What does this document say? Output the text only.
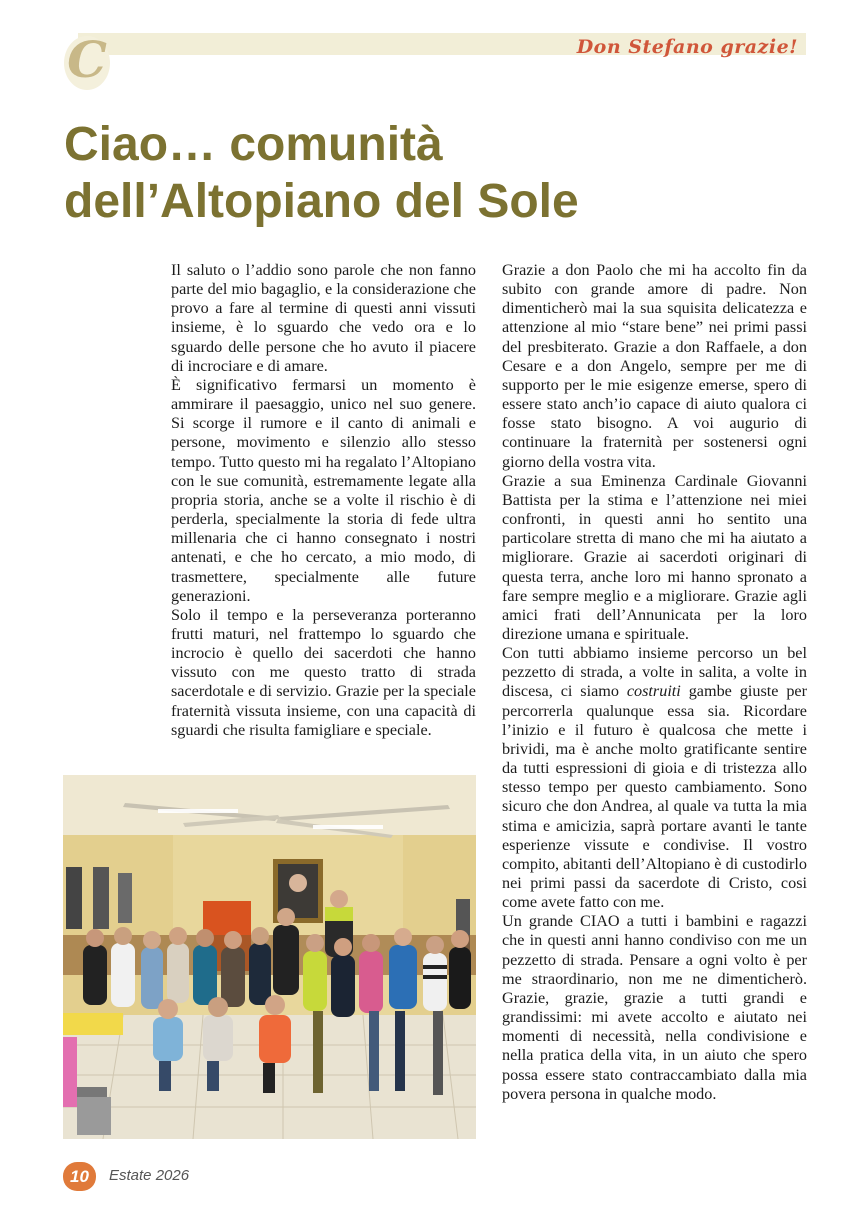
C	Don Stefano grazie!
Ciao… comunità
dell’Altopiano del Sole

Il saluto o l’addio sono parole che non fanno parte del mio bagaglio, e la considerazione che provo a fare al termine di questi anni vissuti insieme, è lo sguardo che vedo ora e lo sguardo delle persone che ho avuto il piacere di incrociare e di amare.

È significativo fermarsi un momento è ammirare il paesaggio, unico nel suo genere. Si scorge il rumore e il canto di animali e persone, movimento e silenzio allo stesso tempo. Tutto questo mi ha regalato l’Altopiano con le sue comunità, estremamente legate alla propria storia, anche se a volte il rischio è di perderla, specialmente la storia di fede ultra millenaria che ci hanno consegnato i nostri antenati, e che ho cercato, a mio modo, di trasmettere, specialmente alle future generazioni.

Solo il tempo e la perseveranza porteranno frutti maturi, nel frattempo lo sguardo che incrocio è quello dei sacerdoti che hanno vissuto con me questo tratto di strada sacerdotale e di servizio. Grazie per la speciale fraternità vissuta insieme, con una capacità di sguardi che risulta famigliare e speciale.

Grazie a don Paolo che mi ha accolto fin da subito con grande amore di padre. Non dimenticherò mai la sua squisita delicatezza e attenzione al mio “stare bene” nei primi passi del presbiterato. Grazie a don Raffaele, a don Cesare e a don Angelo, sempre per me di supporto per le mie esigenze emerse, spero di essere stato anch’io capace di aiuto qualora ci fosse stato bisogno. A voi augurio di continuare la fraternità per sostenersi ogni giorno della vostra vita.

Grazie a sua Eminenza Cardinale Giovanni Battista per la stima e l’attenzione nei miei confronti, in questi anni ho sentito una particolare stretta di mano che mi ha aiutato a migliorare. Grazie ai sacerdoti originari di questa terra, anche loro mi hanno spronato a fare sempre meglio e a migliorare. Grazie agli amici frati dell’Annunicata per la loro direzione umana e spirituale.

Con tutti abbiamo insieme percorso un bel pezzetto di strada, a volte in salita, a volte in discesa, ci siamo costruiti gambe giuste per percorrerla qualunque essa sia. Ricordare l’inizio e il futuro è qualcosa che mette i brividi, ma è anche molto gratificante sentire da tutti espressioni di gioia e di tristezza allo stesso tempo per questo cambiamento. Sono sicuro che don Andrea, al quale va tutta la mia stima e amicizia, saprà portare avanti le tante esperienze vissute e condivise. Il vostro compito, abitanti dell’Altopiano è di custodirlo nei primi passi da sacerdote di Cristo, cosi come avete fatto con me.

Un grande CIAO a tutti i bambini e ragazzi che in questi anni hanno condiviso con me un pezzetto di strada. Pensare a ogni volto è per me straordinario, non me ne dimenticherò. Grazie, grazie, grazie a tutti grandi e grandissimi: mi avete accolto e aiutato nei momenti di necessità, nella condivisione e nella pratica della vita, in un aiuto che spero possa essere stato contraccambiato dalla mia povera persona in qualche modo.

10	Estate 2026
